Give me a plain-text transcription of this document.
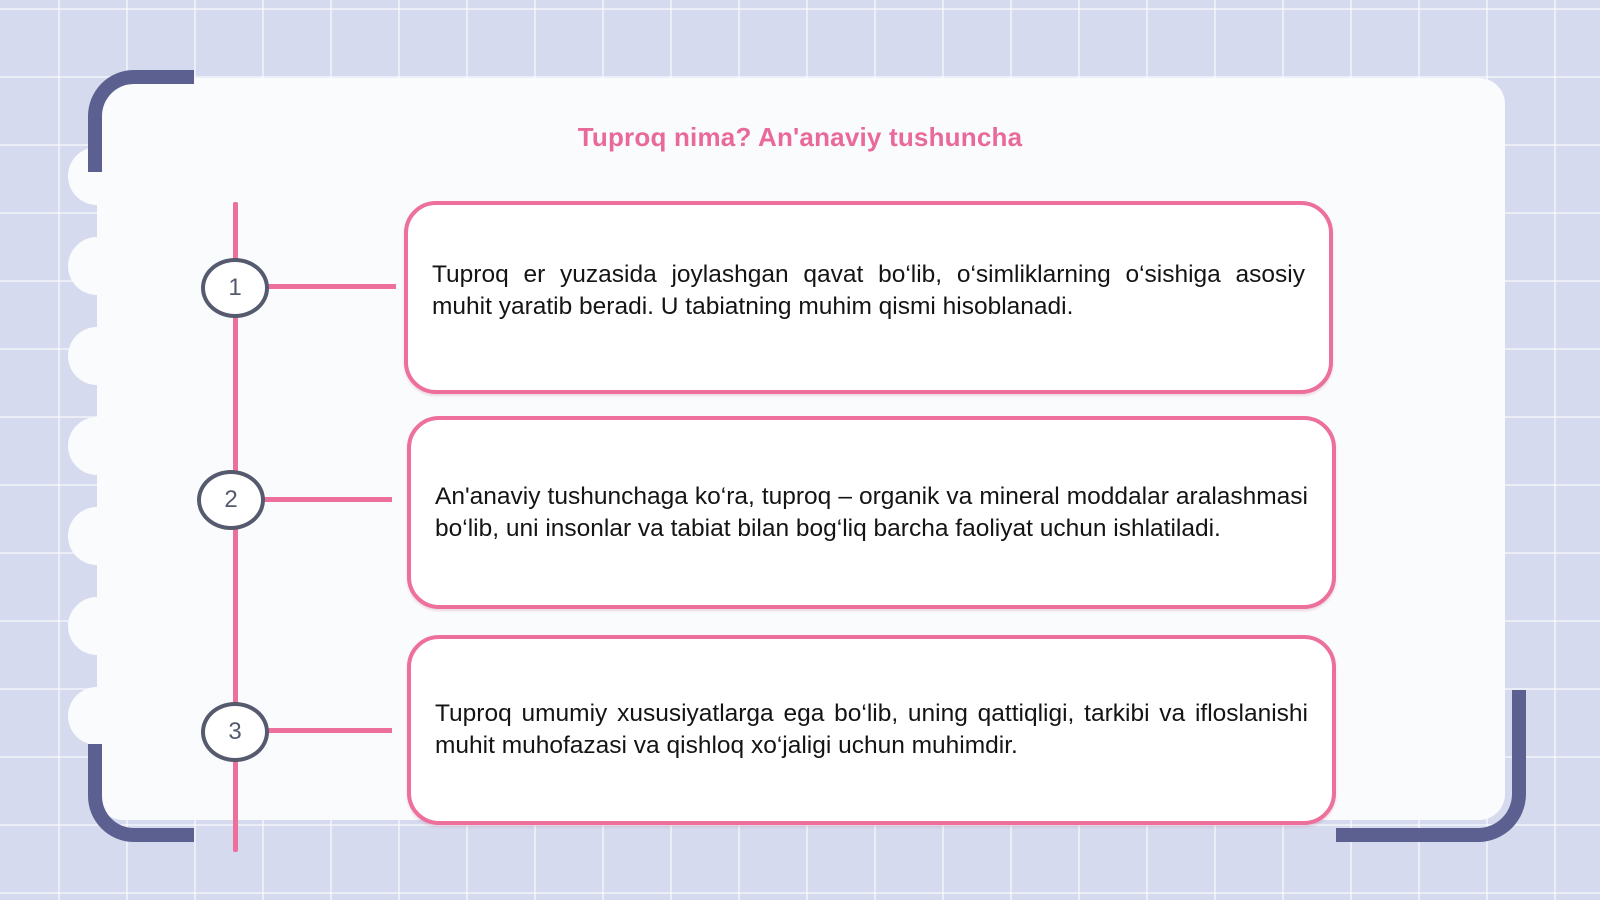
Tuproq nima? An'anaviy tushuncha
1	Tuproq er yuzasida joylashgan qavat bo‘lib, o‘simliklarning o‘sishiga asosiy muhit yaratib beradi. U tabiatning muhim qismi hisoblanadi.
2	An'anaviy tushunchaga ko‘ra, tuproq – organik va mineral moddalar aralashmasi bo‘lib, uni insonlar va tabiat bilan bog‘liq barcha faoliyat uchun ishlatiladi.
3
Tuproq umumiy xususiyatlarga ega bo‘lib, uning qattiqligi, tarkibi va ifloslanishi muhit muhofazasi va qishloq xo‘jaligi uchun muhimdir.
